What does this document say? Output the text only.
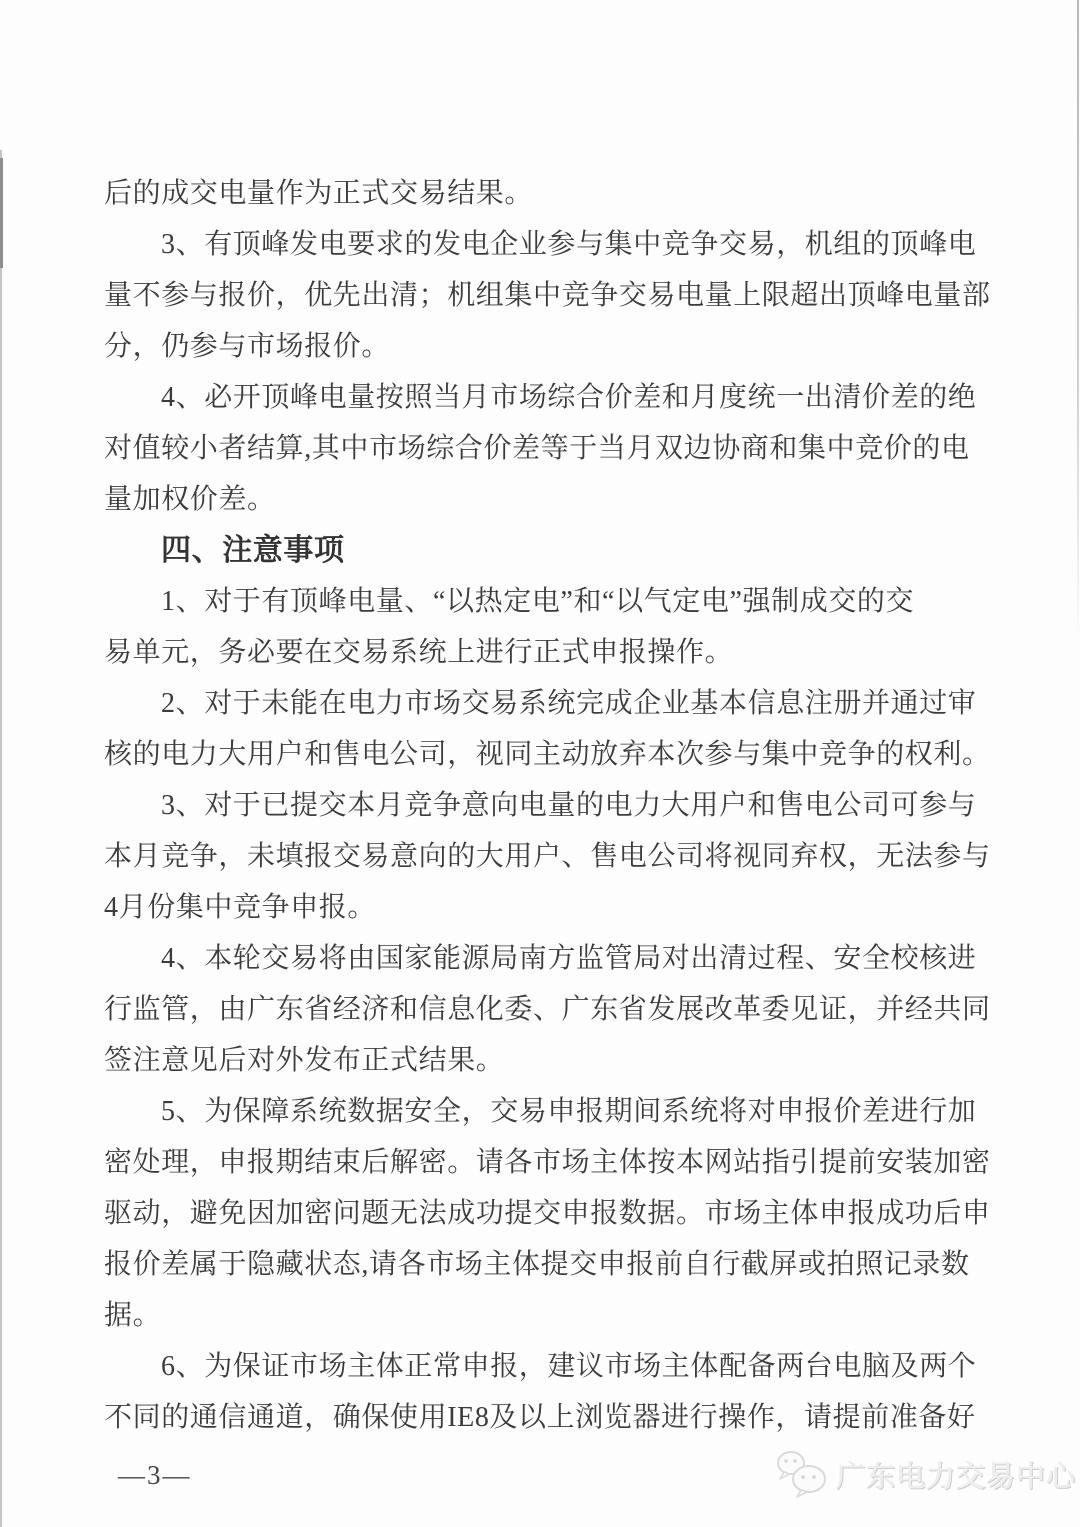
后的成交电量作为正式交易结果。
3、有顶峰发电要求的发电企业参与集中竞争交易，机组的顶峰电
量不参与报价，优先出清；机组集中竞争交易电量上限超出顶峰电量部
分，仍参与市场报价。
4、必开顶峰电量按照当月市场综合价差和月度统一出清价差的绝
对值较小者结算,其中市场综合价差等于当月双边协商和集中竞价的电
量加权价差。
四、注意事项
1、对于有顶峰电量、“以热定电”和“以气定电”强制成交的交
易单元，务必要在交易系统上进行正式申报操作。
2、对于未能在电力市场交易系统完成企业基本信息注册并通过审
核的电力大用户和售电公司，视同主动放弃本次参与集中竞争的权利。
3、对于已提交本月竞争意向电量的电力大用户和售电公司可参与
本月竞争，未填报交易意向的大用户、售电公司将视同弃权，无法参与
4月份集中竞争申报。
4、本轮交易将由国家能源局南方监管局对出清过程、安全校核进
行监管，由广东省经济和信息化委、广东省发展改革委见证，并经共同
签注意见后对外发布正式结果。
5、为保障系统数据安全，交易申报期间系统将对申报价差进行加
密处理，申报期结束后解密。请各市场主体按本网站指引提前安装加密
驱动，避免因加密问题无法成功提交申报数据。市场主体申报成功后申
报价差属于隐藏状态,请各市场主体提交申报前自行截屏或拍照记录数
据。
6、为保证市场主体正常申报，建议市场主体配备两台电脑及两个
不同的通信通道，确保使用IE8及以上浏览器进行操作，请提前准备好
—3—	广东电力交易中心
